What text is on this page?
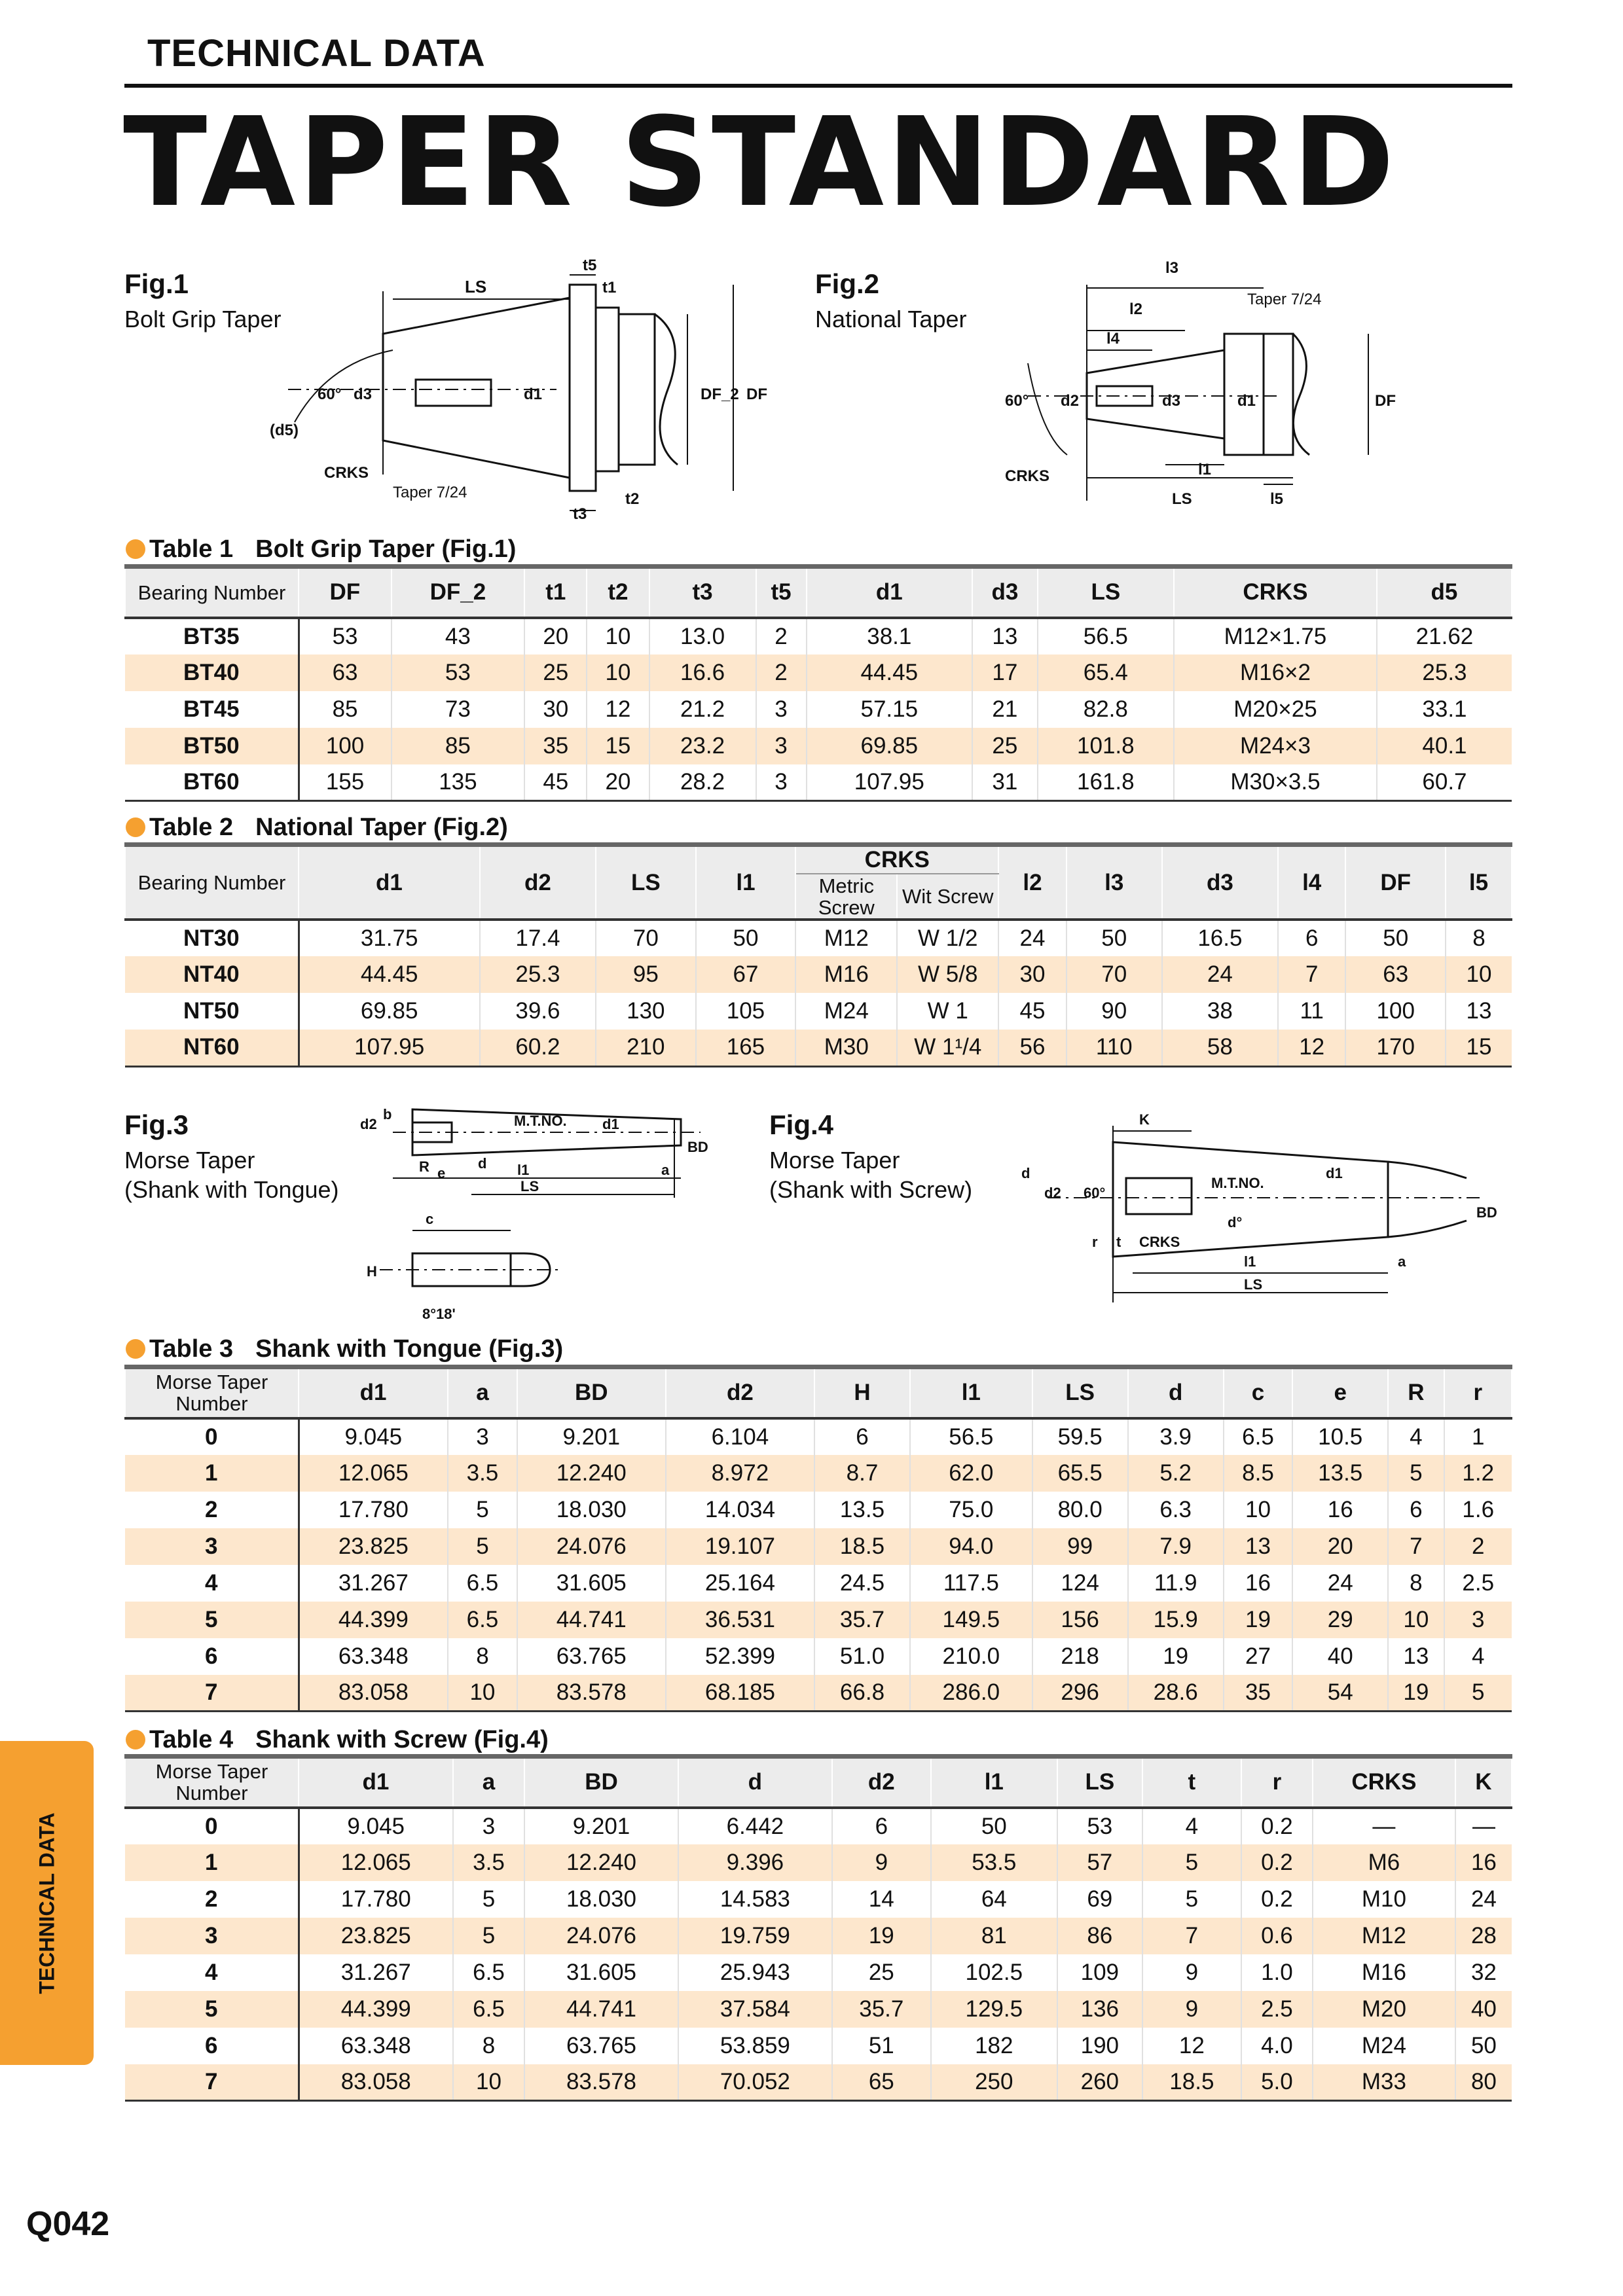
TECHNICAL DATA
TAPER STANDARD
Fig.1
Bolt Grip Taper
LS
t5
t1
t3
t2
d1
d3	DF_2 DF
(d5)
60°
CRKS
Taper 7/24
Fig.2
National Taper
l3
l2
l4
l1
LS	l5
d1
d2	d3	DF
60°
CRKS
Taper 7/24
Table 1 Bolt Grip Taper (Fig.1)
Bearing Number	DF	DF_2	t1	t2	t3	t5	d1	d3	LS	CRKS	d5
BT35	53	43	20	10	13.0	2	38.1	13	56.5	M12×1.75	21.62
BT40	63	53	25	10	16.6	2	44.45	17	65.4	M16×2	25.3
BT45	85	73	30	12	21.2	3	57.15	21	82.8	M20×25	33.1
BT50	100	85	35	15	23.2	3	69.85	25	101.8	M24×3	40.1
BT60	155	135	45	20	28.2	3	107.95	31	161.8	M30×3.5	60.7
Table 2 National Taper (Fig.2)
Bearing Number	d1	d2	LS	l1	CRKS		l2	l3	d3	l4	DF	l5
					Metric Screw	Wit Screw						
NT30	31.75	17.4	70	50	M12	W 1/2	24	50	16.5	6	50	8
NT40	44.45	25.3	95	67	M16	W 5/8	30	70	24	7	63	10
NT50	69.85	39.6	130	105	M24	W 1	45	90	38	11	100	13
NT60	107.95	60.2	210	165	M30	W 1¹/4	56	110	58	12	170	15
Fig.3
Morse Taper
(Shank with Tongue)
d2
b	M.T.NO. d1
BD
R e
d l1	a
LS
c
H
8°18'
Fig.4
Morse Taper
(Shank with Screw)
K
d
d2 60°
M.T.NO.
d1
BD
d°
r t CRKS
l1	a
LS
Table 3 Shank with Tongue (Fig.3)
Morse Taper Number	d1	a	BD	d2	H	l1	LS	d	c	e	R	r
0	9.045	3	9.201	6.104	6	56.5	59.5	3.9	6.5	10.5	4	1
1	12.065	3.5	12.240	8.972	8.7	62.0	65.5	5.2	8.5	13.5	5	1.2
2	17.780	5	18.030	14.034	13.5	75.0	80.0	6.3	10	16	6	1.6
3	23.825	5	24.076	19.107	18.5	94.0	99	7.9	13	20	7	2
4	31.267	6.5	31.605	25.164	24.5	117.5	124	11.9	16	24	8	2.5
5	44.399	6.5	44.741	36.531	35.7	149.5	156	15.9	19	29	10	3
6	63.348	8	63.765	52.399	51.0	210.0	218	19	27	40	13	4
7	83.058	10	83.578	68.185	66.8	286.0	296	28.6	35	54	19	5
Table 4 Shank with Screw (Fig.4)
Morse Taper Number	d1	a	BD	d	d2	l1	LS	t	r	CRKS	K
0	9.045	3	9.201	6.442	6	50	53	4	0.2	—	—
1	12.065	3.5	12.240	9.396	9	53.5	57	5	0.2	M6	16
2	17.780	5	18.030	14.583	14	64	69	5	0.2	M10	24
3	23.825	5	24.076	19.759	19	81	86	7	0.6	M12	28
4	31.267	6.5	31.605	25.943	25	102.5	109	9	1.0	M16	32
5	44.399	6.5	44.741	37.584	35.7	129.5	136	9	2.5	M20	40
6	63.348	8	63.765	53.859	51	182	190	12	4.0	M24	50
7	83.058	10	83.578	70.052	65	250	260	18.5	5.0	M33	80
TECHNICAL DATA
Q042
